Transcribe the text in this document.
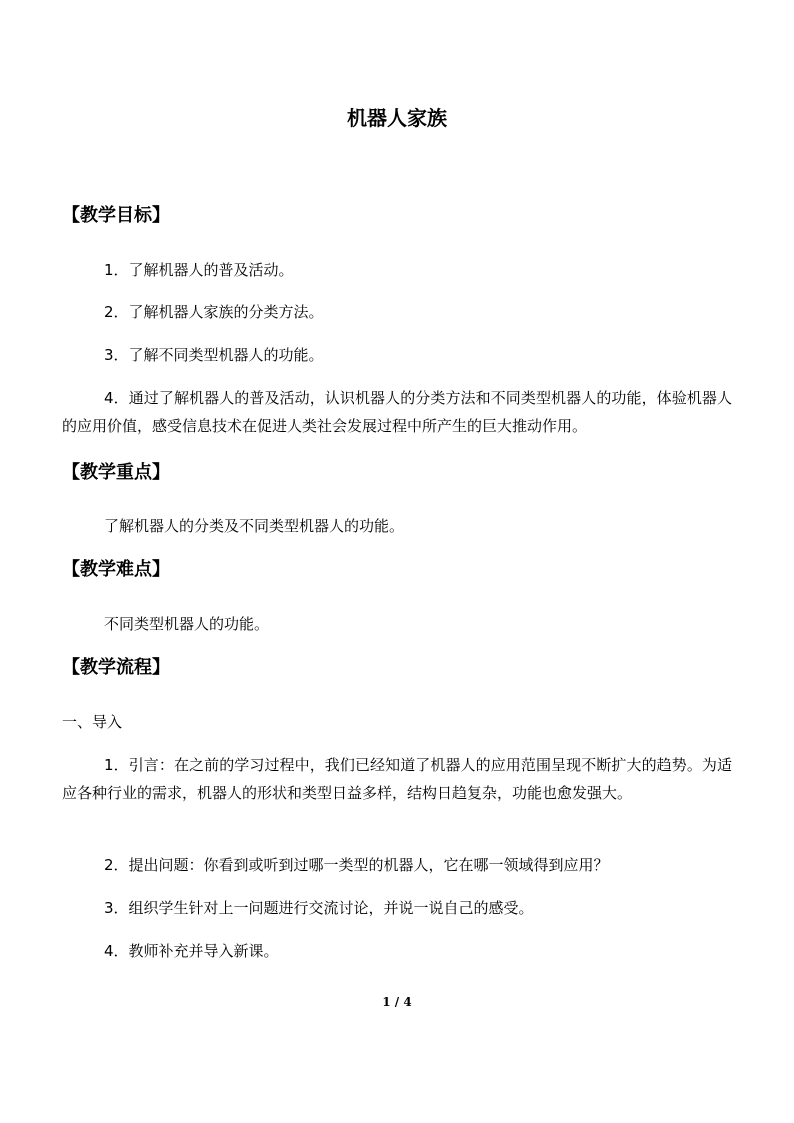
机器人家族
【教学目标】
1．了解机器人的普及活动。
2．了解机器人家族的分类方法。
3．了解不同类型机器人的功能。
4．通过了解机器人的普及活动，认识机器人的分类方法和不同类型机器人的功能，体验机器人的应用价值，感受信息技术在促进人类社会发展过程中所产生的巨大推动作用。
【教学重点】
了解机器人的分类及不同类型机器人的功能。
【教学难点】
不同类型机器人的功能。
【教学流程】
一、导入
1．引言：在之前的学习过程中，我们已经知道了机器人的应用范围呈现不断扩大的趋势。为适应各种行业的需求，机器人的形状和类型日益多样，结构日趋复杂，功能也愈发强大。
2．提出问题：你看到或听到过哪一类型的机器人，它在哪一领域得到应用？
3．组织学生针对上一问题进行交流讨论，并说一说自己的感受。
4．教师补充并导入新课。
1 / 4
